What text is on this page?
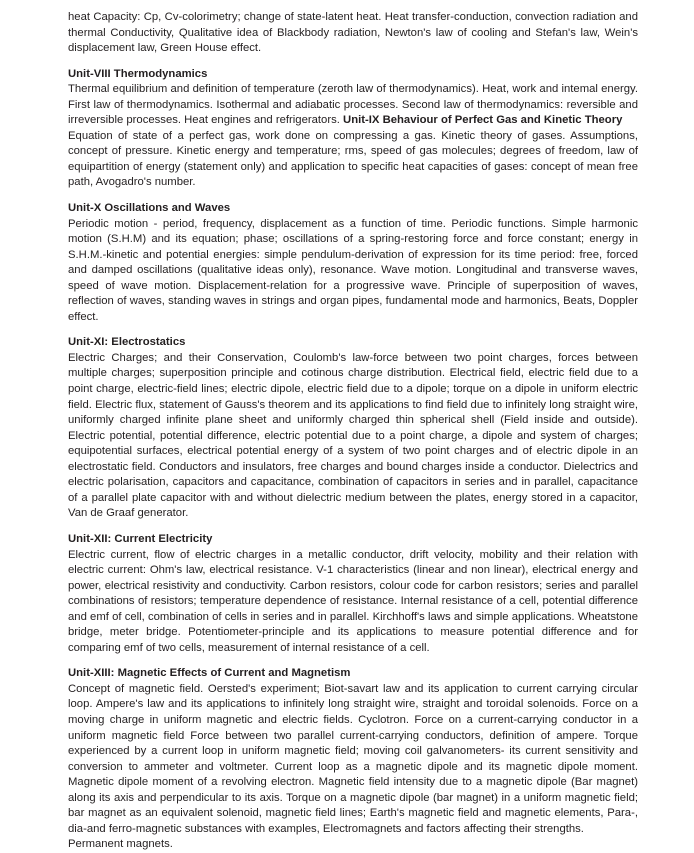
heat Capacity: Cp, Cv-colorimetry; change of state-latent heat. Heat transfer-conduction, convection radiation and thermal Conductivity, Qualitative idea of Blackbody radiation, Newton's law of cooling and Stefan's law, Wein's displacement law, Green House effect.

Unit-VIII Thermodynamics

Thermal equilibrium and definition of temperature (zeroth law of thermodynamics). Heat, work and intemal energy. First law of thermodynamics. Isothermal and adiabatic processes. Second law of thermodynamics: reversible and irreversible processes. Heat engines and refrigerators. Unit-IX Behaviour of Perfect Gas and Kinetic Theory

Equation of state of a perfect gas, work done on compressing a gas. Kinetic theory of gases. Assumptions, concept of pressure. Kinetic energy and temperature; rms, speed of gas molecules; degrees of freedom, law of equipartition of energy (statement only) and application to specific heat capacities of gases: concept of mean free path, Avogadro's number.

Unit-X Oscillations and Waves

Periodic motion - period, frequency, displacement as a function of time. Periodic functions. Simple harmonic motion (S.H.M) and its equation; phase; oscillations of a spring-restoring force and force constant; energy in S.H.M.-kinetic and potential energies: simple pendulum-derivation of expression for its time period: free, forced and damped oscillations (qualitative ideas only), resonance. Wave motion. Longitudinal and transverse waves, speed of wave motion. Displacement-relation for a progressive wave. Principle of superposition of waves, reflection of waves, standing waves in strings and organ pipes, fundamental mode and harmonics, Beats, Doppler effect.

Unit-XI: Electrostatics

Electric Charges; and their Conservation, Coulomb's law-force between two point charges, forces between multiple charges; superposition principle and cotinous charge distribution. Electrical field, electric field due to a point charge, electric-field lines; electric dipole, electric field due to a dipole; torque on a dipole in uniform electric field. Electric flux, statement of Gauss's theorem and its applications to find field due to infinitely long straight wire, uniformly charged infinite plane sheet and uniformly charged thin spherical shell (Field inside and outside). Electric potential, potential difference, electric potential due to a point charge, a dipole and system of charges; equipotential surfaces, electrical potential energy of a system of two point charges and of electric dipole in an electrostatic field. Conductors and insulators, free charges and bound charges inside a conductor. Dielectrics and electric polarisation, capacitors and capacitance, combination of capacitors in series and in parallel, capacitance of a parallel plate capacitor with and without dielectric medium between the plates, energy stored in a capacitor, Van de Graaf generator.

Unit-XII: Current Electricity

Electric current, flow of electric charges in a metallic conductor, drift velocity, mobility and their relation with electric current: Ohm's law, electrical resistance. V-1 characteristics (linear and non linear), electrical energy and power, electrical resistivity and conductivity. Carbon resistors, colour code for carbon resistors; series and parallel combinations of resistors; temperature dependence of resistance. Internal resistance of a cell, potential difference and emf of cell, combination of cells in series and in parallel. Kirchhoff's laws and simple applications. Wheatstone bridge, meter bridge. Potentiometer-principle and its applications to measure potential difference and for comparing emf of two cells, measurement of internal resistance of a cell.

Unit-XIII: Magnetic Effects of Current and Magnetism

Concept of magnetic field. Oersted's experiment; Biot-savart law and its application to current carrying circular loop. Ampere's law and its applications to infinitely long straight wire, straight and toroidal solenoids. Force on a moving charge in uniform magnetic and electric fields. Cyclotron. Force on a current-carrying conductor in a uniform magnetic field Force between two parallel current-carrying conductors, definition of ampere. Torque experienced by a current loop in uniform magnetic field; moving coil galvanometers- its current sensitivity and conversion to ammeter and voltmeter. Current loop as a magnetic dipole and its magnetic dipole moment. Magnetic dipole moment of a revolving electron. Magnetic field intensity due to a magnetic dipole (Bar magnet) along its axis and perpendicular to its axis. Torque on a magnetic dipole (bar magnet) in a uniform magnetic field; bar magnet as an equivalent solenoid, magnetic field lines; Earth's magnetic field and magnetic elements, Para-, dia-and ferro-magnetic substances with examples, Electromagnets and factors affecting their strengths.

Permanent magnets.
